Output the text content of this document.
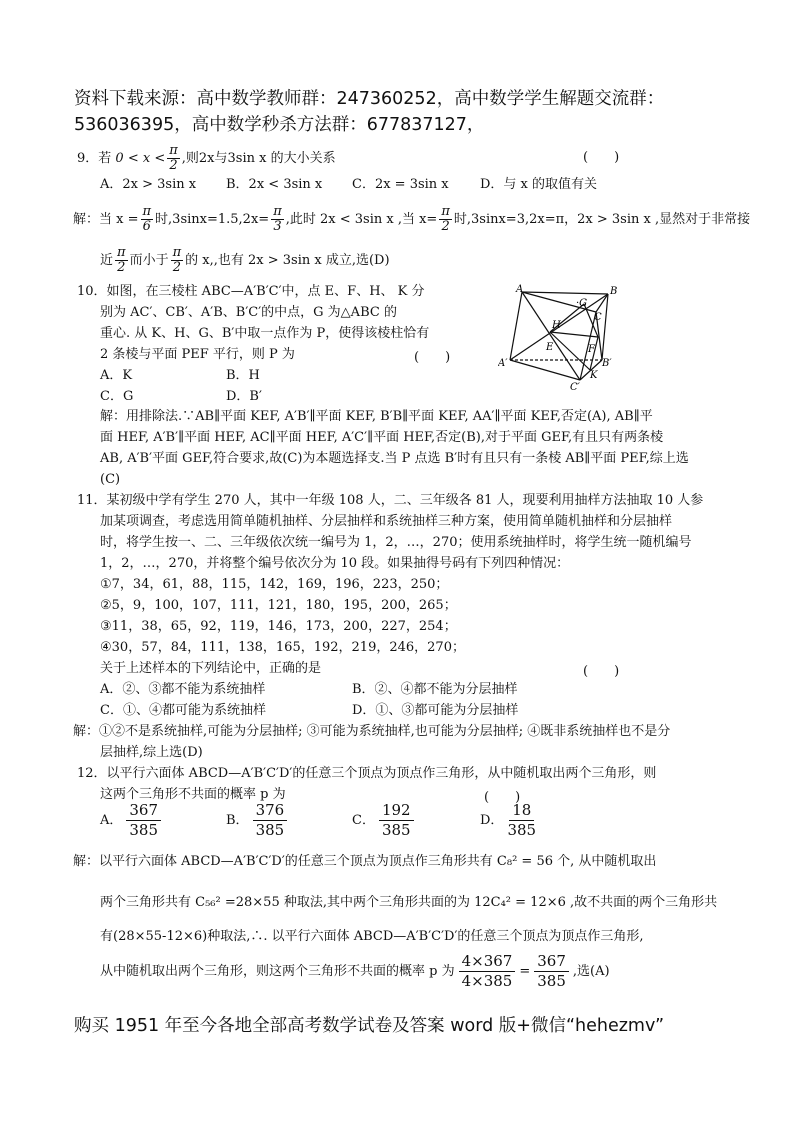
资料下载来源：高中数学教师群：247360252，高中数学学生解题交流群：536036395，高中数学秒杀方法群：677837127，
9．若 $0 < x < \frac{\pi}{2}$ ,则2x与3sin x 的大小关系	(　　)
A．2x > 3sin x B．2x < 3sin x C．2x = 3sin x D．与 x 的取值有关
解：当 $x = \frac{\pi}{6}$ 时$,3\sin x=1.5,2x= \frac{\pi}{3}$ ,此时 2x < 3sin x ,当 $x= \frac{\pi}{2}$ 时,3sinx=3,2x=π，2x > 3sin x ,显然对于非常接
近 $\frac{\pi}{2}$ 而小于 $\frac{\pi}{2}$ 的 x,,也有 2x > 3sin x 成立,选(D)
10．如图，在三棱柱 ABC—A′B′C′中，点 E、F、H、 K 分
别为 AC′、CB′、A′B、B′C′的中点，G 为△ABC 的
重心. 从 K、H、G、B′中取一点作为 P，使得该棱柱恰有
2 条棱与平面 PEF 平行，则 P 为	(　　)
A．K	B．H
C．G	D．B′
A	B
C
·G
H
E	F
A′	B′
C′
K
解：用排除法.∵AB∥平面 KEF, A′B′∥平面 KEF, B′B∥平面 KEF, AA′∥平面 KEF,否定(A), AB∥平
面 HEF, A′B′∥平面 HEF, AC∥平面 HEF, A′C′∥平面 HEF,否定(B),对于平面 GEF,有且只有两条棱
AB, A′B′平面 GEF,符合要求,故(C)为本题选择支.当 P 点选 B′时有且只有一条棱 AB∥平面 PEF,综上选
(C)
11．某初级中学有学生 270 人，其中一年级 108 人，二、三年级各 81 人，现要利用抽样方法抽取 10 人参
加某项调查，考虑选用简单随机抽样、分层抽样和系统抽样三种方案，使用简单随机抽样和分层抽样
时，将学生按一、二、三年级依次统一编号为 1，2，…，270；使用系统抽样时，将学生统一随机编号
1，2，…，270，并将整个编号依次分为 10 段。如果抽得号码有下列四种情况：
①7，34，61，88，115，142，169，196，223，250；
②5，9，100，107，111，121，180，195，200，265；
③11，38，65，92，119，146，173，200，227，254；
④30，57，84，111，138，165，192，219，246，270；
关于上述样本的下列结论中，正确的是	(　　)
A．②、③都不能为系统抽样	B．②、④都不能为分层抽样
C．①、④都可能为系统抽样	D．①、③都可能为分层抽样
解：①②不是系统抽样,可能为分层抽样; ③可能为系统抽样,也可能为分层抽样; ④既非系统抽样也不是分
层抽样,综上选(D)
12．以平行六面体 ABCD—A′B′C′D′的任意三个顶点为顶点作三角形，从中随机取出两个三角形，则
这两个三角形不共面的概率 p 为	(　　)
A． $\frac{367}{385}$	B． $\frac{376}{385}$	C． $\frac{192}{385}$	D． $\frac{18}{385}$
解：以平行六面体 ABCD—A′B′C′D′的任意三个顶点为顶点作三角形共有 C₈² = 56 个, 从中随机取出
两个三角形共有 C₅₆² =28×55 种取法,其中两个三角形共面的为 12C₄² = 12×6 ,故不共面的两个三角形共
有(28×55-12×6)种取法,∴. 以平行六面体 ABCD—A′B′C′D′的任意三个顶点为顶点作三角形,
从中随机取出两个三角形，则这两个三角形不共面的概率 p 为 $\frac{4\times 367}{4\times 385} = \frac{367}{385}$ ,选(A)
购买 1951 年至今各地全部高考数学试卷及答案 word 版+微信“hehezmv”
